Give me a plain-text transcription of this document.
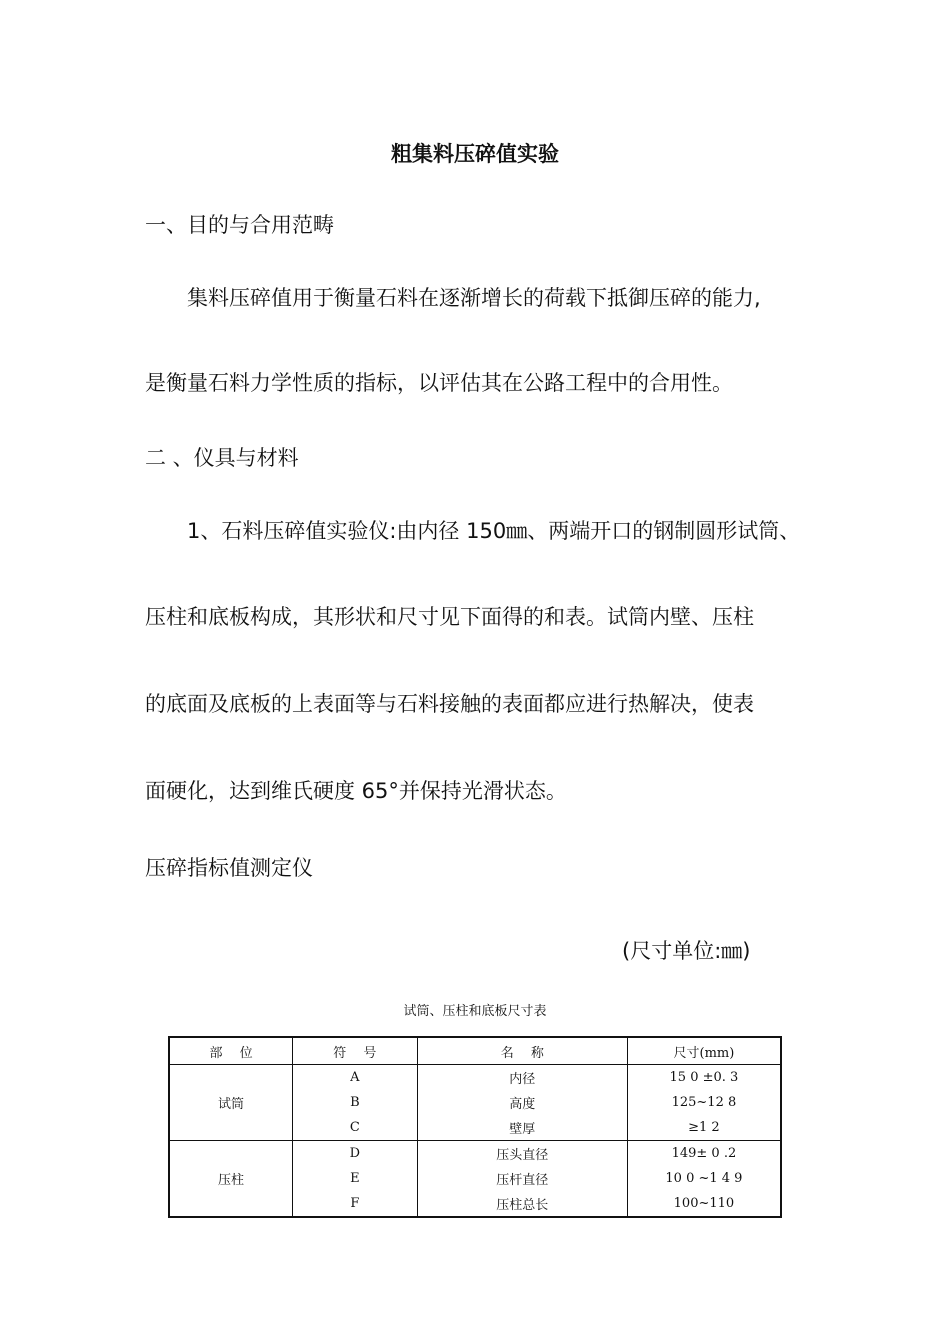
粗集料压碎值实验
一、目的与合用范畴
集料压碎值用于衡量石料在逐渐增长的荷载下抵御压碎的能力,
是衡量石料力学性质的指标，以评估其在公路工程中的合用性。
二 、仪具与材料
1、石料压碎值实验仪:由内径 150㎜、两端开口的钢制圆形试筒、
压柱和底板构成，其形状和尺寸见下面得的和表。试筒内壁、压柱
的底面及底板的上表面等与石料接触的表面都应进行热解决，使表
面硬化，达到维氏硬度 65°并保持光滑状态。
压碎指标值测定仪
(尺寸单位:㎜)
试筒、压柱和底板尺寸表
部　 位	符　 号	名　 称	尺寸(mm)
试筒	A	内径	15 0 ±0. 3
	B	高度	125~12 8
	C	壁厚	≥1 2
压柱	D	压头直径	149± 0 .2
	E	压杆直径	10 0 ~1 4 9
	F	压柱总长	100~110
